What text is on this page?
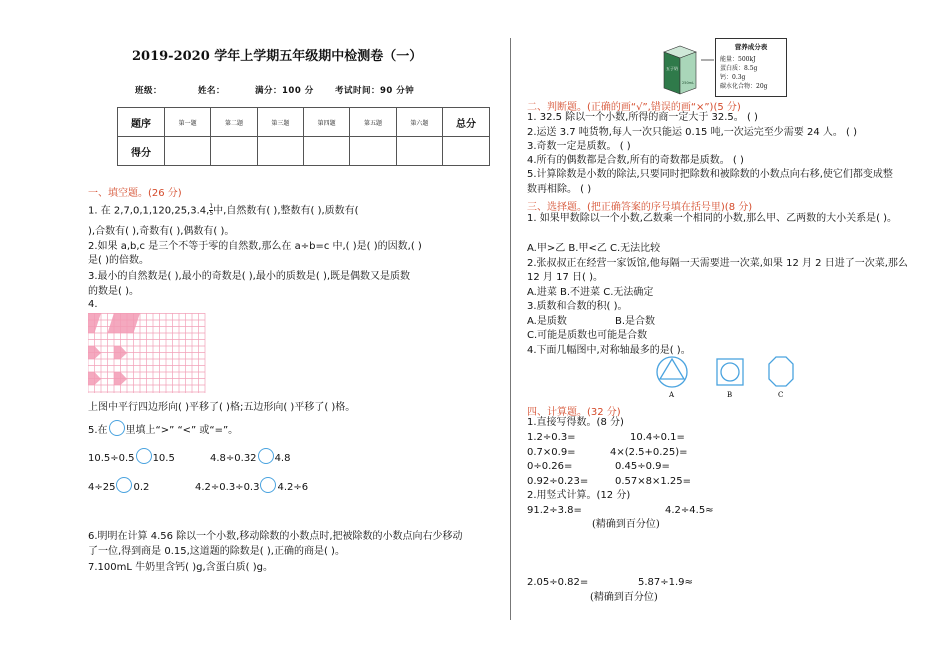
2019-2020 学年上学期五年级期中检测卷（一）
班级：	姓名：	满分：100 分	考试时间：90 分钟
题序	第一题	第二题	第三题	第四题	第五题	第六题	总分
得分							
一、填空题。(26 分)
1. 在 2,7,0,1,120,25,3.4, $\frac{1}{5}$ 中,自然数有( ),整数有( ),质数有(
),合数有( ),奇数有( ),偶数有( )。
2.如果 a,b,c 是三个不等于零的自然数,那么在 a÷b=c 中,( )是( )的因数,( )
是( )的倍数。
3.最小的自然数是( ),最小的奇数是( ),最小的质数是( ),既是偶数又是质数
的数是( )。
4.
上图中平行四边形向( )平移了( )格;五边形向( )平移了( )格。
5.在 里填上“>” “<” 或“=”。
10.5÷0.5 10.5	4.8÷0.32 4.8
4÷25 0.2	4.2÷0.3÷0.3 4.2÷6
6.明明在计算 4.56 除以一个小数,移动除数的小数点时,把被除数的小数点向右少移动
了一位,得到商是 0.15,这道题的除数是( ),正确的商是( )。
7.100mL 牛奶里含钙( )g,含蛋白质( )g。
五子奶
250mL
营养成分表
能量：500kJ
蛋白质：8.5g
钙：0.3g
碳水化合物：20g
二、判断题。(正确的画“√”,错误的画“×”)(5 分)
1. 32.5 除以一个小数,所得的商一定大于 32.5。 ( )
2.运送 3.7 吨货物,每人一次只能运 0.15 吨,一次运完至少需要 24 人。 ( )
3.奇数一定是质数。 ( )
4.所有的偶数都是合数,所有的奇数都是质数。 ( )
5.计算除数是小数的除法,只要同时把除数和被除数的小数点向右移,使它们都变成整
数再相除。 ( )
三、选择题。(把正确答案的序号填在括号里)(8 分)
1. 如果甲数除以一个小数,乙数乘一个相同的小数,那么甲、乙两数的大小关系是( )。
A.甲>乙 B.甲<乙 C.无法比较
2.张叔叔正在经营一家饭馆,他每隔一天需要进一次菜,如果 12 月 2 日进了一次菜,那么
12 月 17 日( )。
A.进菜 B.不进菜 C.无法确定
3.质数和合数的积( )。
A.是质数	B.是合数
C.可能是质数也可能是合数
4.下面几幅图中,对称轴最多的是( )。
A	B	C
四、计算题。(32 分)
1.直接写得数。(8 分)
1.2÷0.3=	10.4÷0.1=
0.7×0.9=	4×(2.5+0.25)=
0÷0.26=	0.45÷0.9=
0.92÷0.23=	0.57×8×1.25=
2.用竖式计算。(12 分)
91.2÷3.8=	4.2÷4.5≈
(精确到百分位)
2.05÷0.82=	5.87÷1.9≈
(精确到百分位)
